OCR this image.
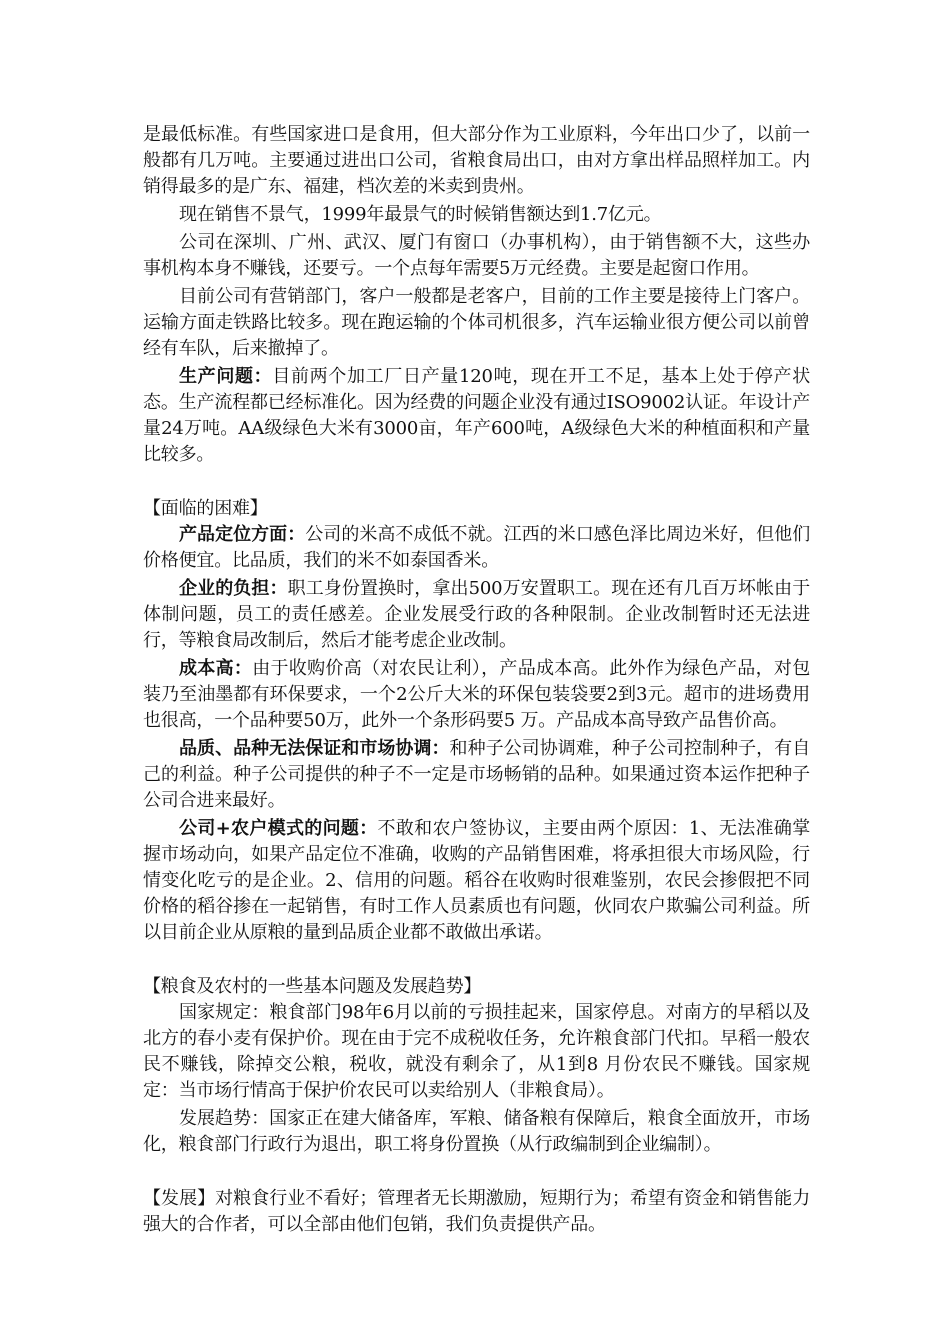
是最低标准。有些国家进口是食用，但大部分作为工业原料，今年出口少了，以前一般都有几万吨。主要通过进出口公司，省粮食局出口，由对方拿出样品照样加工。内销得最多的是广东、福建，档次差的米卖到贵州。

现在销售不景气，1999年最景气的时候销售额达到1.7亿元。

公司在深圳、广州、武汉、厦门有窗口（办事机构），由于销售额不大，这些办事机构本身不赚钱，还要亏。一个点每年需要5万元经费。主要是起窗口作用。

目前公司有营销部门，客户一般都是老客户，目前的工作主要是接待上门客户。运输方面走铁路比较多。现在跑运输的个体司机很多，汽车运输业很方便公司以前曾经有车队，后来撤掉了。

生产问题：目前两个加工厂日产量120吨，现在开工不足，基本上处于停产状态。生产流程都已经标准化。因为经费的问题企业没有通过ISO9002认证。年设计产量24万吨。AA级绿色大米有3000亩，年产600吨，A级绿色大米的种植面积和产量比较多。

【面临的困难】

产品定位方面：公司的米高不成低不就。江西的米口感色泽比周边米好，但他们价格便宜。比品质，我们的米不如泰国香米。

企业的负担：职工身份置换时，拿出500万安置职工。现在还有几百万坏帐由于体制问题，员工的责任感差。企业发展受行政的各种限制。企业改制暂时还无法进行，等粮食局改制后，然后才能考虑企业改制。

成本高：由于收购价高（对农民让利），产品成本高。此外作为绿色产品，对包装乃至油墨都有环保要求，一个2公斤大米的环保包装袋要2到3元。超市的进场费用也很高，一个品种要50万，此外一个条形码要5 万。产品成本高导致产品售价高。

品质、品种无法保证和市场协调：和种子公司协调难，种子公司控制种子，有自己的利益。种子公司提供的种子不一定是市场畅销的品种。如果通过资本运作把种子公司合进来最好。

公司+农户模式的问题：不敢和农户签协议，主要由两个原因：1、无法准确掌握市场动向，如果产品定位不准确，收购的产品销售困难，将承担很大市场风险，行情变化吃亏的是企业。2、信用的问题。稻谷在收购时很难鉴别，农民会掺假把不同价格的稻谷掺在一起销售，有时工作人员素质也有问题，伙同农户欺骗公司利益。所以目前企业从原粮的量到品质企业都不敢做出承诺。

【粮食及农村的一些基本问题及发展趋势】

国家规定：粮食部门98年6月以前的亏损挂起来，国家停息。对南方的早稻以及北方的春小麦有保护价。现在由于完不成税收任务，允许粮食部门代扣。早稻一般农民不赚钱，除掉交公粮，税收，就没有剩余了，从1到8 月份农民不赚钱。国家规定：当市场行情高于保护价农民可以卖给别人（非粮食局）。

发展趋势：国家正在建大储备库，军粮、储备粮有保障后，粮食全面放开，市场化，粮食部门行政行为退出，职工将身份置换（从行政编制到企业编制）。

【发展】对粮食行业不看好；管理者无长期激励，短期行为；希望有资金和销售能力强大的合作者，可以全部由他们包销，我们负责提供产品。
